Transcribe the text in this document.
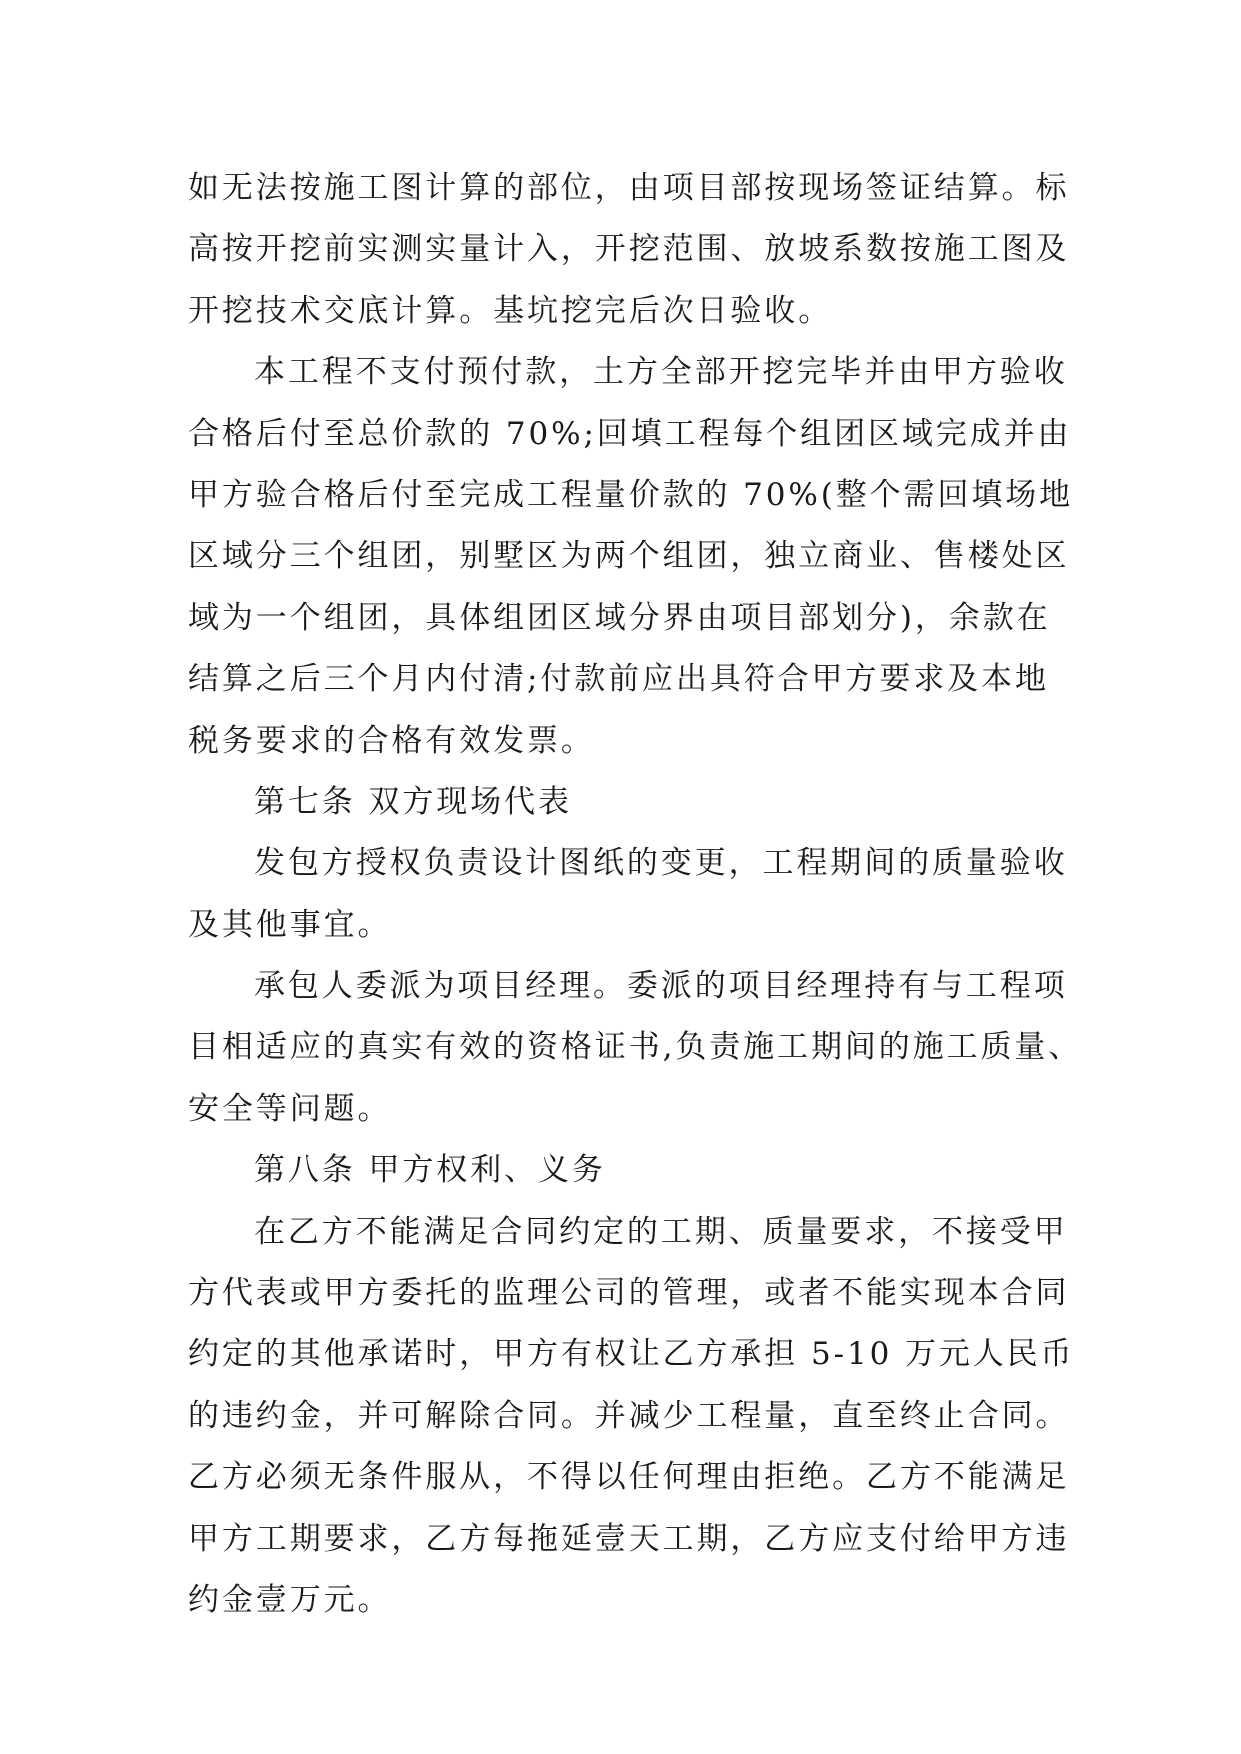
如无法按施工图计算的部位，由项目部按现场签证结算。标
高按开挖前实测实量计入，开挖范围、放坡系数按施工图及
开挖技术交底计算。基坑挖完后次日验收。
本工程不支付预付款，土方全部开挖完毕并由甲方验收
合格后付至总价款的 70%;回填工程每个组团区域完成并由
甲方验合格后付至完成工程量价款的 70%(整个需回填场地
区域分三个组团，别墅区为两个组团，独立商业、售楼处区
域为一个组团，具体组团区域分界由项目部划分)，余款在
结算之后三个月内付清;付款前应出具符合甲方要求及本地
税务要求的合格有效发票。
第七条 双方现场代表
发包方授权负责设计图纸的变更，工程期间的质量验收
及其他事宜。
承包人委派为项目经理。委派的项目经理持有与工程项
目相适应的真实有效的资格证书,负责施工期间的施工质量、
安全等问题。
第八条 甲方权利、义务
在乙方不能满足合同约定的工期、质量要求，不接受甲
方代表或甲方委托的监理公司的管理，或者不能实现本合同
约定的其他承诺时，甲方有权让乙方承担 5-10 万元人民币
的违约金，并可解除合同。并减少工程量，直至终止合同。
乙方必须无条件服从，不得以任何理由拒绝。乙方不能满足
甲方工期要求，乙方每拖延壹天工期，乙方应支付给甲方违
约金壹万元。
